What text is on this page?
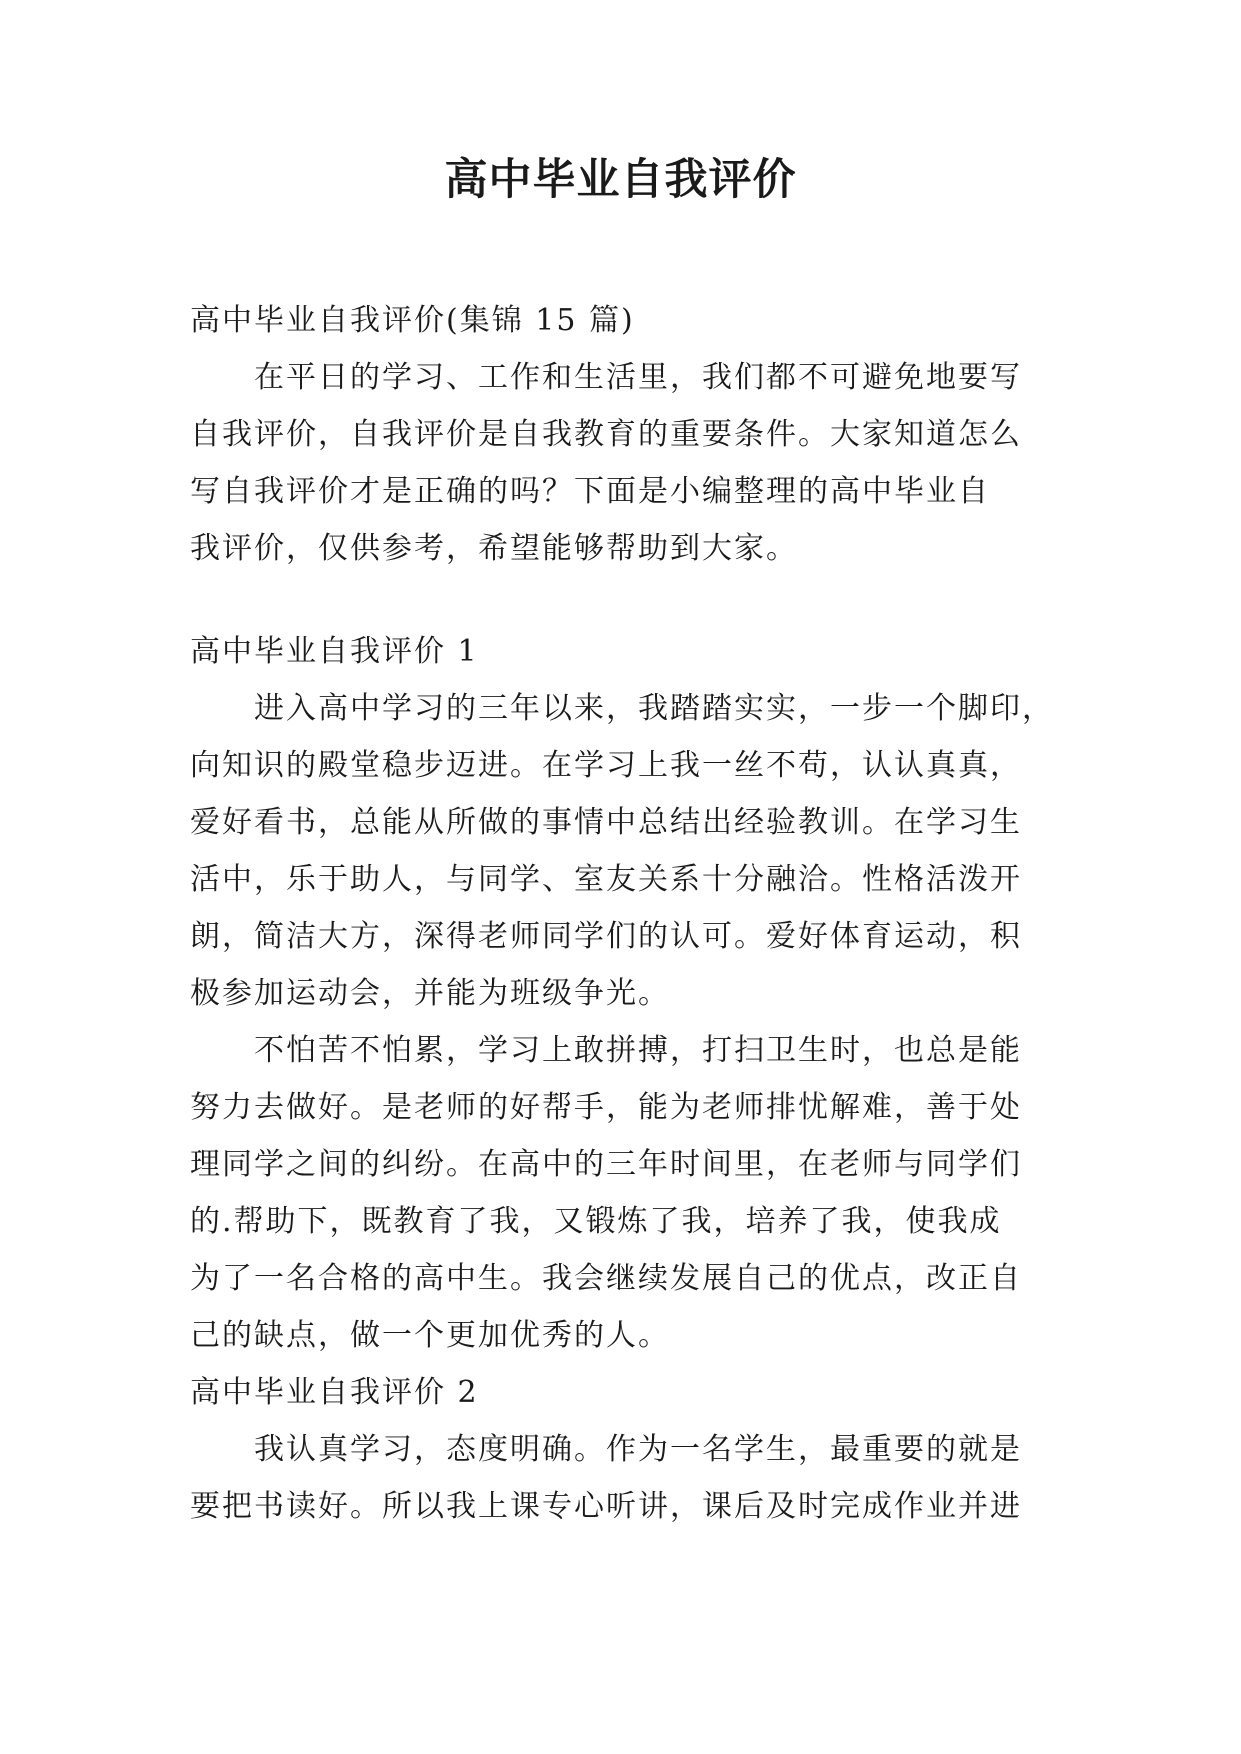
高中毕业自我评价
高中毕业自我评价(集锦 15 篇)
在平日的学习、工作和生活里，我们都不可避免地要写
自我评价，自我评价是自我教育的重要条件。大家知道怎么
写自我评价才是正确的吗？下面是小编整理的高中毕业自
我评价，仅供参考，希望能够帮助到大家。
高中毕业自我评价 1
进入高中学习的三年以来，我踏踏实实，一步一个脚印，
向知识的殿堂稳步迈进。在学习上我一丝不苟，认认真真，
爱好看书，总能从所做的事情中总结出经验教训。在学习生
活中，乐于助人，与同学、室友关系十分融洽。性格活泼开
朗，简洁大方，深得老师同学们的认可。爱好体育运动，积
极参加运动会，并能为班级争光。
不怕苦不怕累，学习上敢拼搏，打扫卫生时，也总是能
努力去做好。是老师的好帮手，能为老师排忧解难，善于处
理同学之间的纠纷。在高中的三年时间里，在老师与同学们
的.帮助下，既教育了我，又锻炼了我，培养了我，使我成
为了一名合格的高中生。我会继续发展自己的优点，改正自
己的缺点，做一个更加优秀的人。
高中毕业自我评价 2
我认真学习，态度明确。作为一名学生，最重要的就是
要把书读好。所以我上课专心听讲，课后及时完成作业并进
